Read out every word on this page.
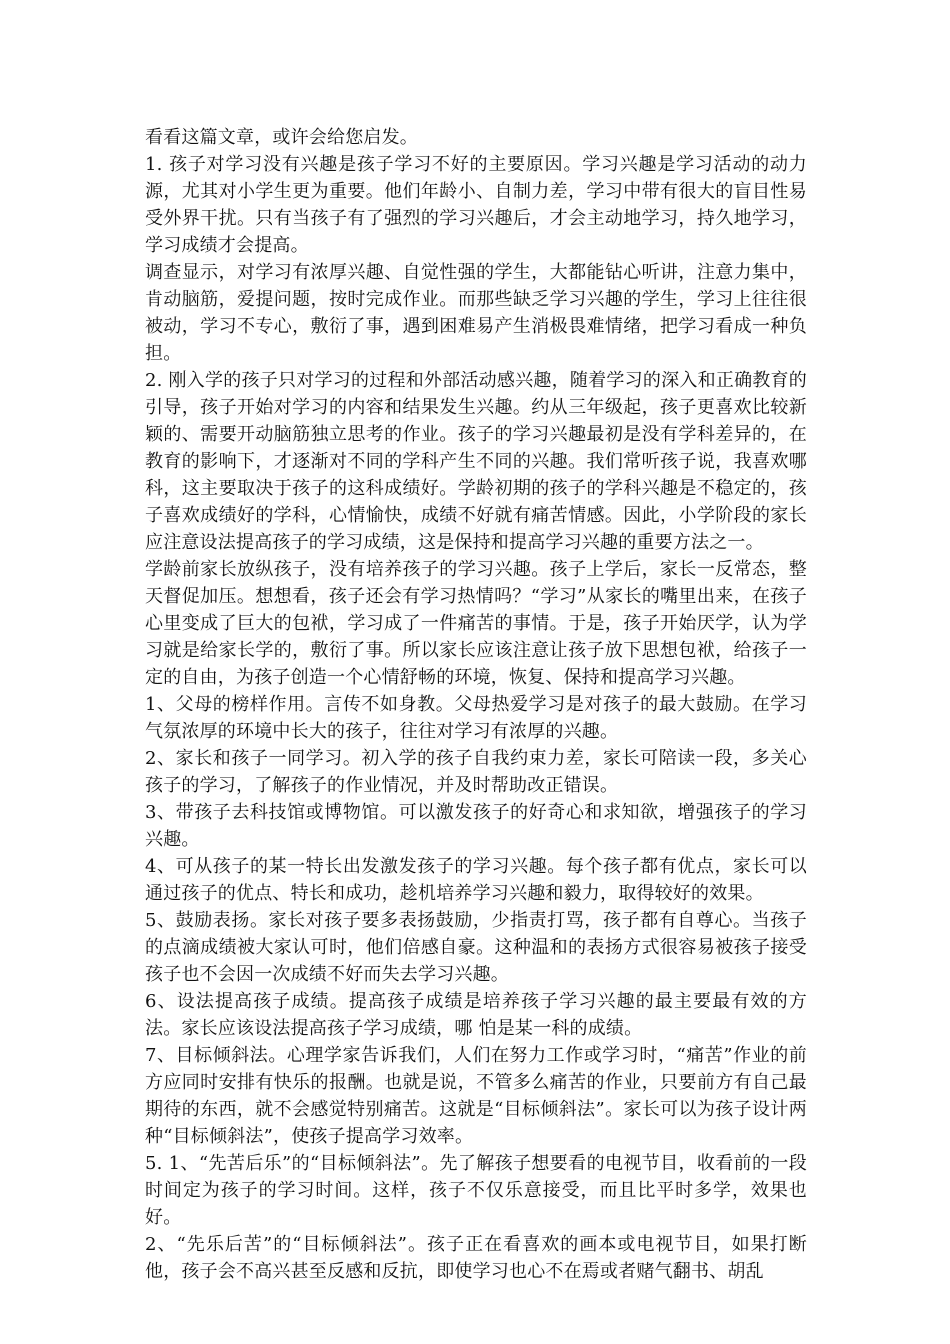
看看这篇文章，或许会给您启发。

1. 孩子对学习没有兴趣是孩子学习不好的主要原因。学习兴趣是学习活动的动力源，尤其对小学生更为重要。他们年龄小、自制力差，学习中带有很大的盲目性易受外界干扰。只有当孩子有了强烈的学习兴趣后，才会主动地学习，持久地学习， 学习成绩才会提高。

调查显示，对学习有浓厚兴趣、自觉性强的学生，大都能钻心听讲，注意力集中，肯动脑筋，爱提问题，按时完成作业。而那些缺乏学习兴趣的学生，学习上往往很被动，学习不专心，敷衍了事，遇到困难易产生消极畏难情绪，把学习看成一种负担。

2. 刚入学的孩子只对学习的过程和外部活动感兴趣，随着学习的深入和正确教育的引导，孩子开始对学习的内容和结果发生兴趣。约从三年级起，孩子更喜欢比较新颖的、需要开动脑筋独立思考的作业。孩子的学习兴趣最初是没有学科差异的，在教育的影响下，才逐渐对不同的学科产生不同的兴趣。我们常听孩子说，我喜欢哪科，这主要取决于孩子的这科成绩好。学龄初期的孩子的学科兴趣是不稳定的，孩子喜欢成绩好的学科，心情愉快，成绩不好就有痛苦情感。因此，小学阶段的家长应注意设法提高孩子的学习成绩，这是保持和提高学习兴趣的重要方法之一。

学龄前家长放纵孩子，没有培养孩子的学习兴趣。孩子上学后，家长一反常态，整天督促加压。想想看，孩子还会有学习热情吗？“学习”从家长的嘴里出来，在孩子心里变成了巨大的包袱，学习成了一件痛苦的事情。于是，孩子开始厌学，认为学习就是给家长学的，敷衍了事。所以家长应该注意让孩子放下思想包袱，给孩子一定的自由，为孩子创造一个心情舒畅的环境，恢复、保持和提高学习兴趣。

1、父母的榜样作用。言传不如身教。父母热爱学习是对孩子的最大鼓励。在学习气氛浓厚的环境中长大的孩子，往往对学习有浓厚的兴趣。

2、家长和孩子一同学习。初入学的孩子自我约束力差，家长可陪读一段，多关心孩子的学习，了解孩子的作业情况，并及时帮助改正错误。

3、带孩子去科技馆或博物馆。可以激发孩子的好奇心和求知欲，增强孩子的学习兴趣。

4、可从孩子的某一特长出发激发孩子的学习兴趣。每个孩子都有优点，家长可以通过孩子的优点、特长和成功，趁机培养学习兴趣和毅力，取得较好的效果。

5、鼓励表扬。家长对孩子要多表扬鼓励，少指责打骂，孩子都有自尊心。当孩子的点滴成绩被大家认可时，他们倍感自豪。这种温和的表扬方式很容易被孩子接受孩子也不会因一次成绩不好而失去学习兴趣。

6、设法提高孩子成绩。提高孩子成绩是培养孩子学习兴趣的最主要最有效的方法。家长应该设法提高孩子学习成绩，哪 怕是某一科的成绩。

7、目标倾斜法。心理学家告诉我们，人们在努力工作或学习时，“痛苦”作业的前方应同时安排有快乐的报酬。也就是说，不管多么痛苦的作业，只要前方有自己最期待的东西，就不会感觉特别痛苦。这就是“目标倾斜法”。家长可以为孩子设计两种“目标倾斜法”，使孩子提高学习效率。

5. 1、“先苦后乐”的“目标倾斜法”。先了解孩子想要看的电视节目，收看前的一段时间定为孩子的学习时间。这样，孩子不仅乐意接受，而且比平时多学，效果也好。

2、“先乐后苦”的“目标倾斜法”。孩子正在看喜欢的画本或电视节目，如果打断他，孩子会不高兴甚至反感和反抗，即使学习也心不在焉或者赌气翻书、胡乱
